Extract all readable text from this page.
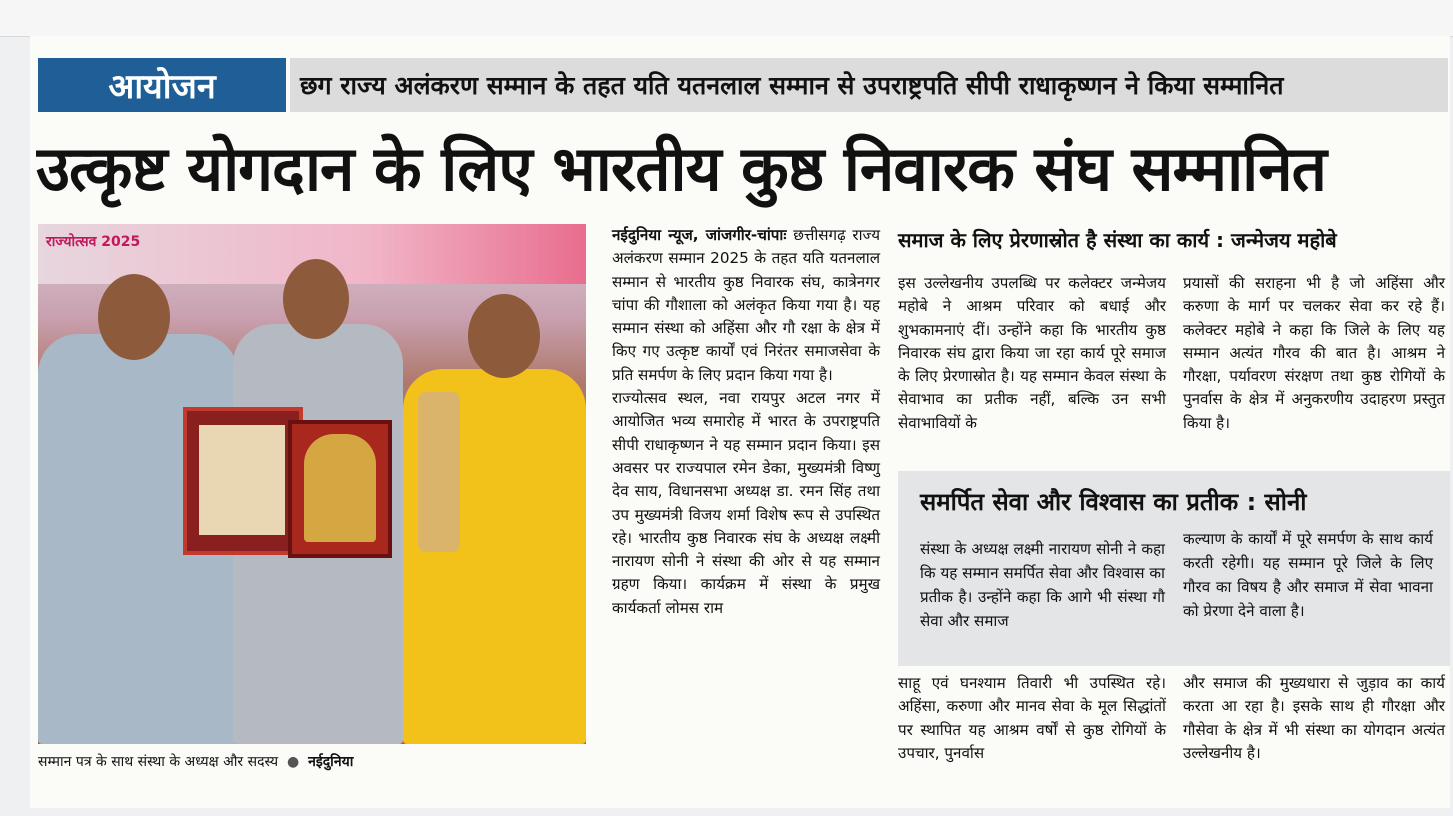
आयोजन	छग राज्य अलंकरण सम्मान के तहत यति यतनलाल सम्मान से उपराष्ट्रपति सीपी राधाकृष्णन ने किया सम्मानित
उत्कृष्ट योगदान के लिए भारतीय कुष्ठ निवारक संघ सम्मानित
राज्योत्सव 2025
सम्मान पत्र के साथ संस्था के अध्यक्ष और सदस्य  ●  नईदुनिया
नईदुनिया न्यूज, जांजगीर-चांपाः छत्तीसगढ़ राज्य अलंकरण सम्मान 2025 के तहत यति यतनलाल सम्मान से भारतीय कुष्ठ निवारक संघ, कात्रेनगर चांपा की गौशाला को अलंकृत किया गया है। यह सम्मान संस्था को अहिंसा और गौ रक्षा के क्षेत्र में किए गए उत्कृष्ट कार्यों एवं निरंतर समाजसेवा के प्रति समर्पण के लिए प्रदान किया गया है।
राज्योत्सव स्थल, नवा रायपुर अटल नगर में आयोजित भव्य समारोह में भारत के उपराष्ट्रपति सीपी राधाकृष्णन ने यह सम्मान प्रदान किया। इस अवसर पर राज्यपाल रमेन डेका, मुख्यमंत्री विष्णु देव साय, विधानसभा अध्यक्ष डा. रमन सिंह तथा उप मुख्यमंत्री विजय शर्मा विशेष रूप से उपस्थित रहे। भारतीय कुष्ठ निवारक संघ के अध्यक्ष लक्ष्मी नारायण सोनी ने संस्था की ओर से यह सम्मान ग्रहण किया। कार्यक्रम में संस्था के प्रमुख कार्यकर्ता लोमस राम
समाज के लिए प्रेरणास्रोत है संस्था का कार्य : जन्मेजय महोबे
इस उल्लेखनीय उपलब्धि पर कलेक्टर जन्मेजय महोबे ने आश्रम परिवार को बधाई और शुभकामनाएं दीं। उन्होंने कहा कि भारतीय कुष्ठ निवारक संघ द्वारा किया जा रहा कार्य पूरे समाज के लिए प्रेरणास्रोत है। यह सम्मान केवल संस्था के सेवाभाव का प्रतीक नहीं, बल्कि उन सभी सेवाभावियों के
प्रयासों की सराहना भी है जो अहिंसा और करुणा के मार्ग पर चलकर सेवा कर रहे हैं। कलेक्टर महोबे ने कहा कि जिले के लिए यह सम्मान अत्यंत गौरव की बात है। आश्रम ने गौरक्षा, पर्यावरण संरक्षण तथा कुष्ठ रोगियों के पुनर्वास के क्षेत्र में अनुकरणीय उदाहरण प्रस्तुत किया है।
समर्पित सेवा और विश्वास का प्रतीक : सोनी
संस्था के अध्यक्ष लक्ष्मी नारायण सोनी ने कहा कि यह सम्मान समर्पित सेवा और विश्वास का प्रतीक है। उन्होंने कहा कि आगे भी संस्था गौ सेवा और समाज
कल्याण के कार्यों में पूरे समर्पण के साथ कार्य करती रहेगी। यह सम्मान पूरे जिले के लिए गौरव का विषय है और समाज में सेवा भावना को प्रेरणा देने वाला है।
साहू एवं घनश्याम तिवारी भी उपस्थित रहे। अहिंसा, करुणा और मानव सेवा के मूल सिद्धांतों पर स्थापित यह आश्रम वर्षों से कुष्ठ रोगियों के उपचार, पुनर्वास
और समाज की मुख्यधारा से जुड़ाव का कार्य करता आ रहा है। इसके साथ ही गौरक्षा और गौसेवा के क्षेत्र में भी संस्था का योगदान अत्यंत उल्लेखनीय है।
